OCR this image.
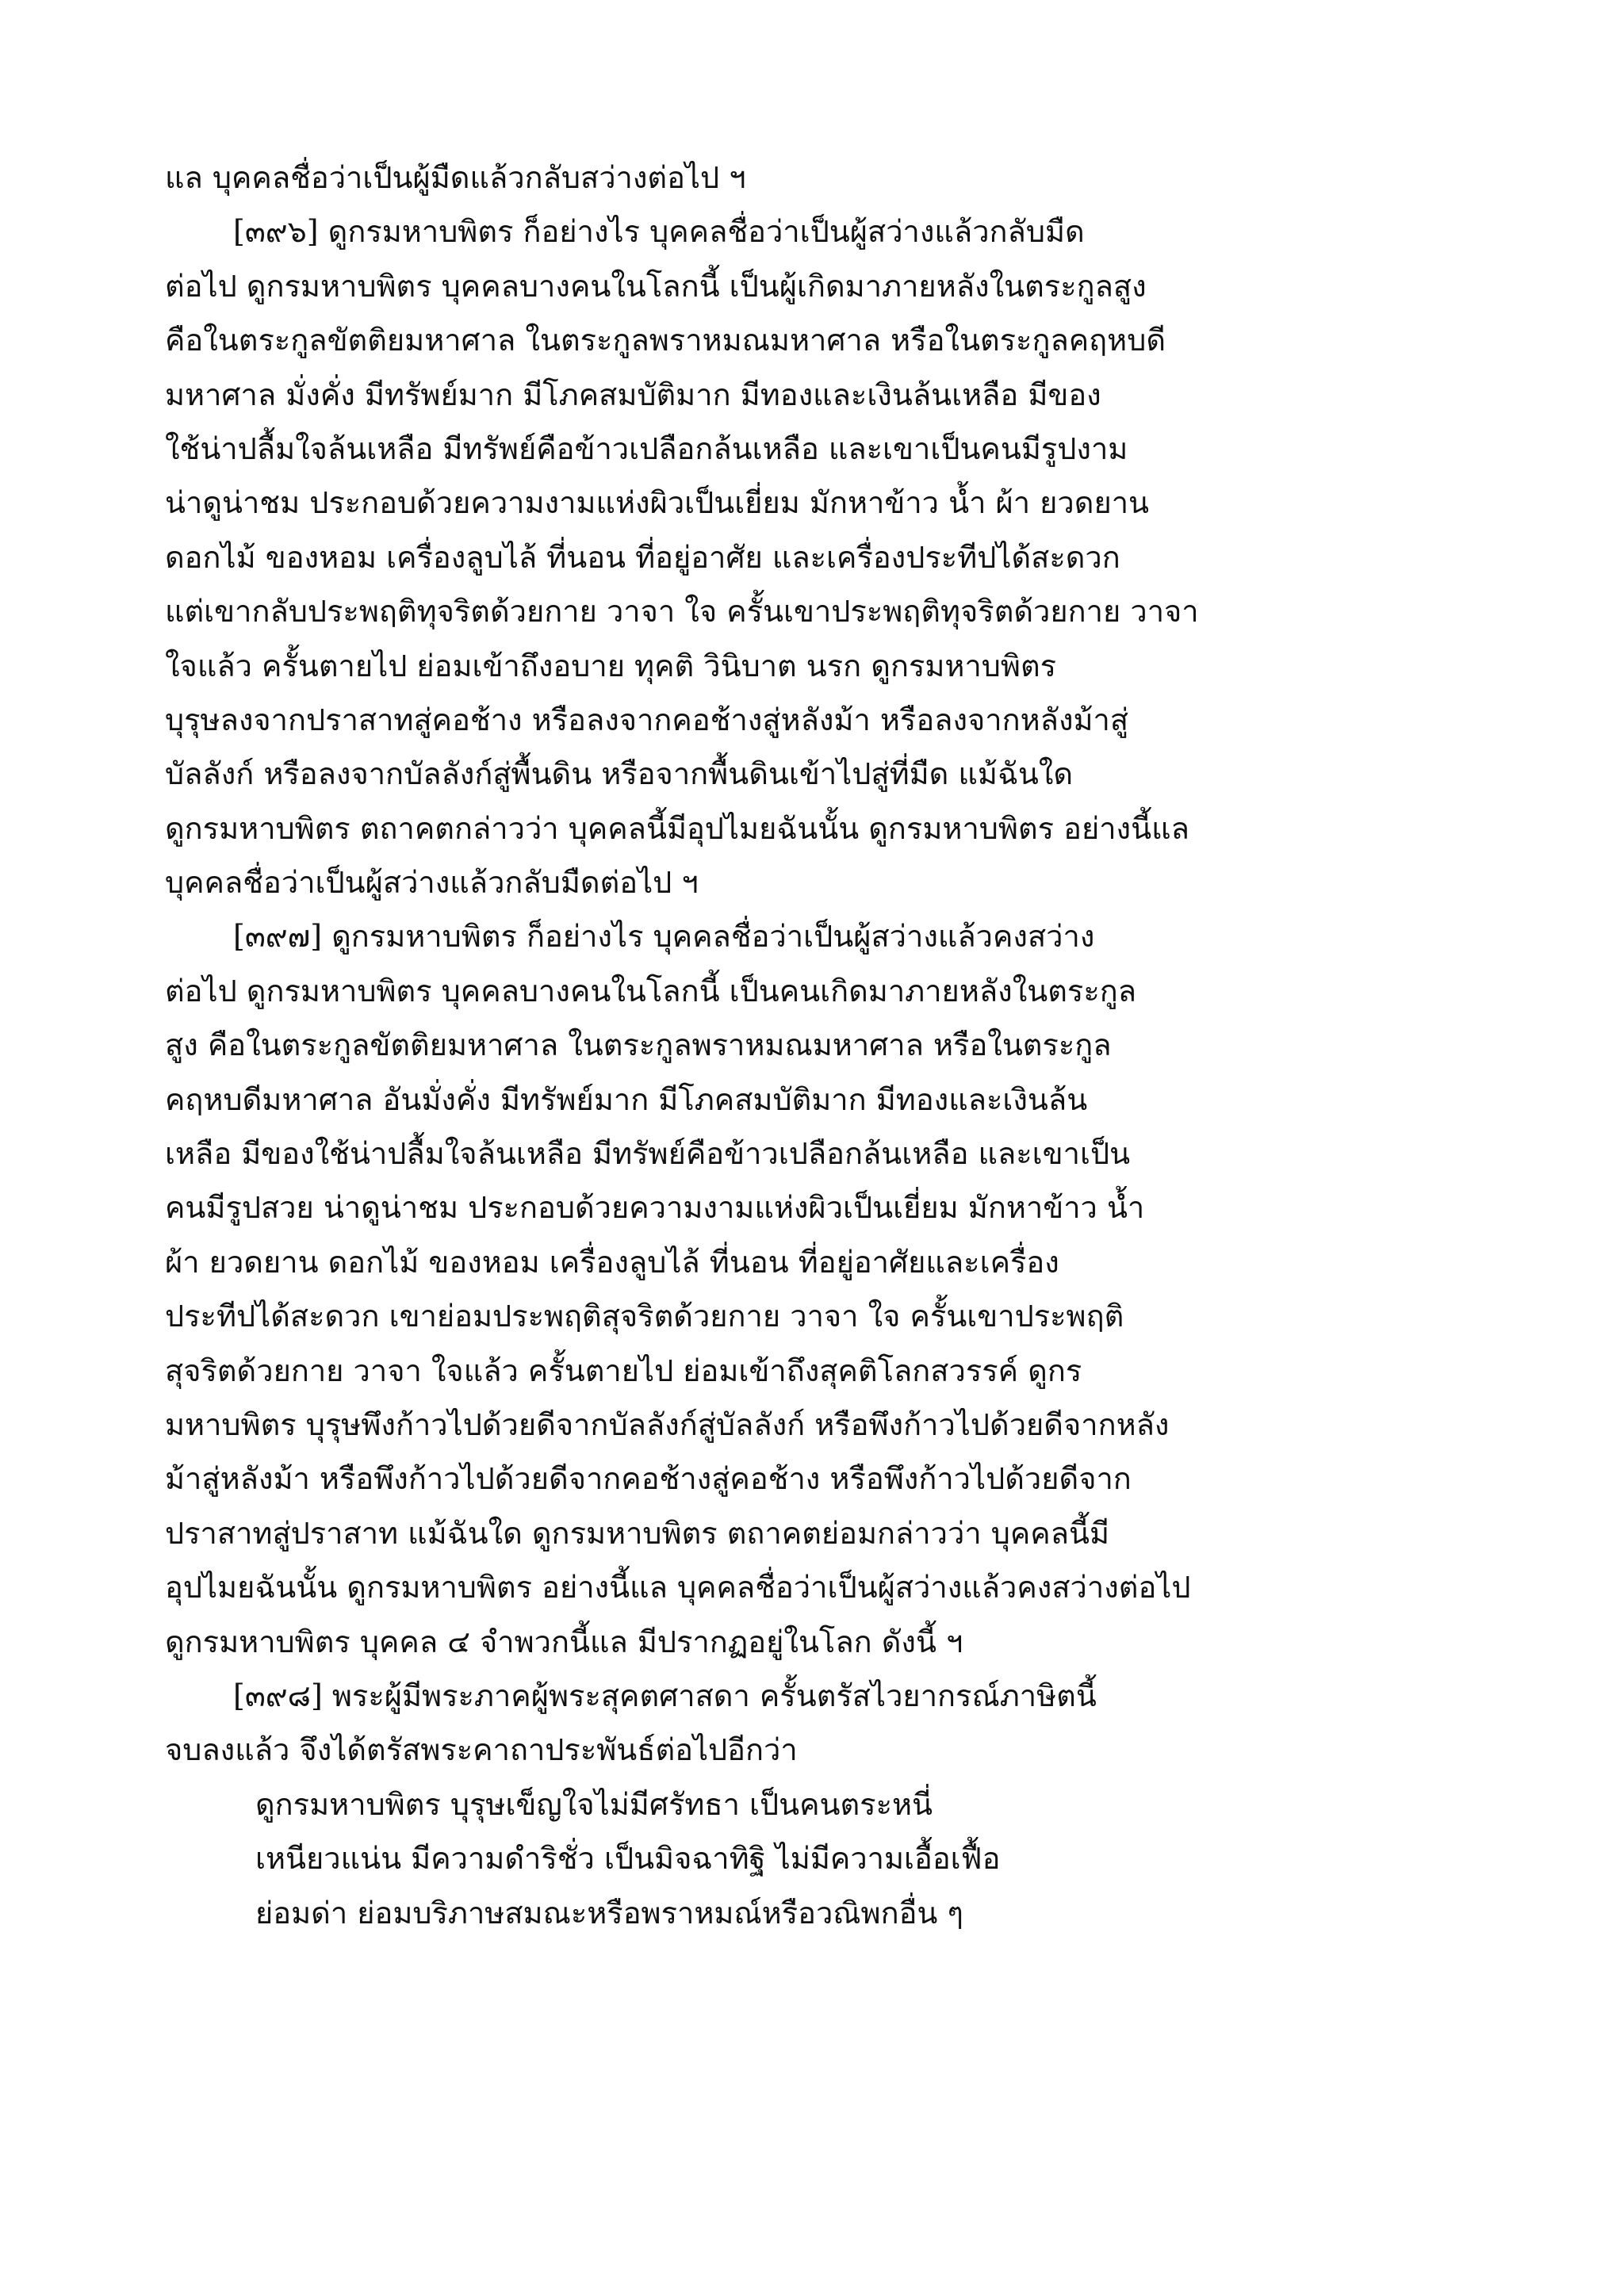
แล บุคคลชื่อว่าเป็นผู้มืดแล้วกลับสว่างต่อไป ฯ
[๓๙๖] ดูกรมหาบพิตร ก็อย่างไร บุคคลชื่อว่าเป็นผู้สว่างแล้วกลับมืด
ต่อไป ดูกรมหาบพิตร บุคคลบางคนในโลกนี้ เป็นผู้เกิดมาภายหลังในตระกูลสูง
คือในตระกูลขัตติยมหาศาล ในตระกูลพราหมณมหาศาล หรือในตระกูลคฤหบดี
มหาศาล มั่งคั่ง มีทรัพย์มาก มีโภคสมบัติมาก มีทองและเงินล้นเหลือ มีของ
ใช้น่าปลื้มใจล้นเหลือ มีทรัพย์คือข้าวเปลือกล้นเหลือ และเขาเป็นคนมีรูปงาม
น่าดูน่าชม ประกอบด้วยความงามแห่งผิวเป็นเยี่ยม มักหาข้าว น้ำ ผ้า ยวดยาน
ดอกไม้ ของหอม เครื่องลูบไล้ ที่นอน ที่อยู่อาศัย และเครื่องประทีปได้สะดวก
แต่เขากลับประพฤติทุจริตด้วยกาย วาจา ใจ ครั้นเขาประพฤติทุจริตด้วยกาย วาจา
ใจแล้ว ครั้นตายไป ย่อมเข้าถึงอบาย ทุคติ วินิบาต นรก ดูกรมหาบพิตร
บุรุษลงจากปราสาทสู่คอช้าง หรือลงจากคอช้างสู่หลังม้า หรือลงจากหลังม้าสู่
บัลลังก์ หรือลงจากบัลลังก์สู่พื้นดิน หรือจากพื้นดินเข้าไปสู่ที่มืด แม้ฉันใด
ดูกรมหาบพิตร ตถาคตกล่าวว่า บุคคลนี้มีอุปไมยฉันนั้น ดูกรมหาบพิตร อย่างนี้แล
บุคคลชื่อว่าเป็นผู้สว่างแล้วกลับมืดต่อไป ฯ
[๓๙๗] ดูกรมหาบพิตร ก็อย่างไร บุคคลชื่อว่าเป็นผู้สว่างแล้วคงสว่าง
ต่อไป ดูกรมหาบพิตร บุคคลบางคนในโลกนี้ เป็นคนเกิดมาภายหลังในตระกูล
สูง คือในตระกูลขัตติยมหาศาล ในตระกูลพราหมณมหาศาล หรือในตระกูล
คฤหบดีมหาศาล อันมั่งคั่ง มีทรัพย์มาก มีโภคสมบัติมาก มีทองและเงินล้น
เหลือ มีของใช้น่าปลื้มใจล้นเหลือ มีทรัพย์คือข้าวเปลือกล้นเหลือ และเขาเป็น
คนมีรูปสวย น่าดูน่าชม ประกอบด้วยความงามแห่งผิวเป็นเยี่ยม มักหาข้าว น้ำ
ผ้า ยวดยาน ดอกไม้ ของหอม เครื่องลูบไล้ ที่นอน ที่อยู่อาศัยและเครื่อง
ประทีปได้สะดวก เขาย่อมประพฤติสุจริตด้วยกาย วาจา ใจ ครั้นเขาประพฤติ
สุจริตด้วยกาย วาจา ใจแล้ว ครั้นตายไป ย่อมเข้าถึงสุคติโลกสวรรค์ ดูกร
มหาบพิตร บุรุษพึงก้าวไปด้วยดีจากบัลลังก์สู่บัลลังก์ หรือพึงก้าวไปด้วยดีจากหลัง
ม้าสู่หลังม้า หรือพึงก้าวไปด้วยดีจากคอช้างสู่คอช้าง หรือพึงก้าวไปด้วยดีจาก
ปราสาทสู่ปราสาท แม้ฉันใด ดูกรมหาบพิตร ตถาคตย่อมกล่าวว่า บุคคลนี้มี
อุปไมยฉันนั้น ดูกรมหาบพิตร อย่างนี้แล บุคคลชื่อว่าเป็นผู้สว่างแล้วคงสว่างต่อไป
ดูกรมหาบพิตร บุคคล ๔ จำพวกนี้แล มีปรากฏอยู่ในโลก ดังนี้ ฯ
[๓๙๘] พระผู้มีพระภาคผู้พระสุคตศาสดา ครั้นตรัสไวยากรณ์ภาษิตนี้
จบลงแล้ว จึงได้ตรัสพระคาถาประพันธ์ต่อไปอีกว่า
ดูกรมหาบพิตร บุรุษเข็ญใจไม่มีศรัทธา เป็นคนตระหนี่
เหนียวแน่น มีความดำริชั่ว เป็นมิจฉาทิฐิ ไม่มีความเอื้อเฟื้อ
ย่อมด่า ย่อมบริภาษสมณะหรือพราหมณ์หรือวณิพกอื่น ๆ
